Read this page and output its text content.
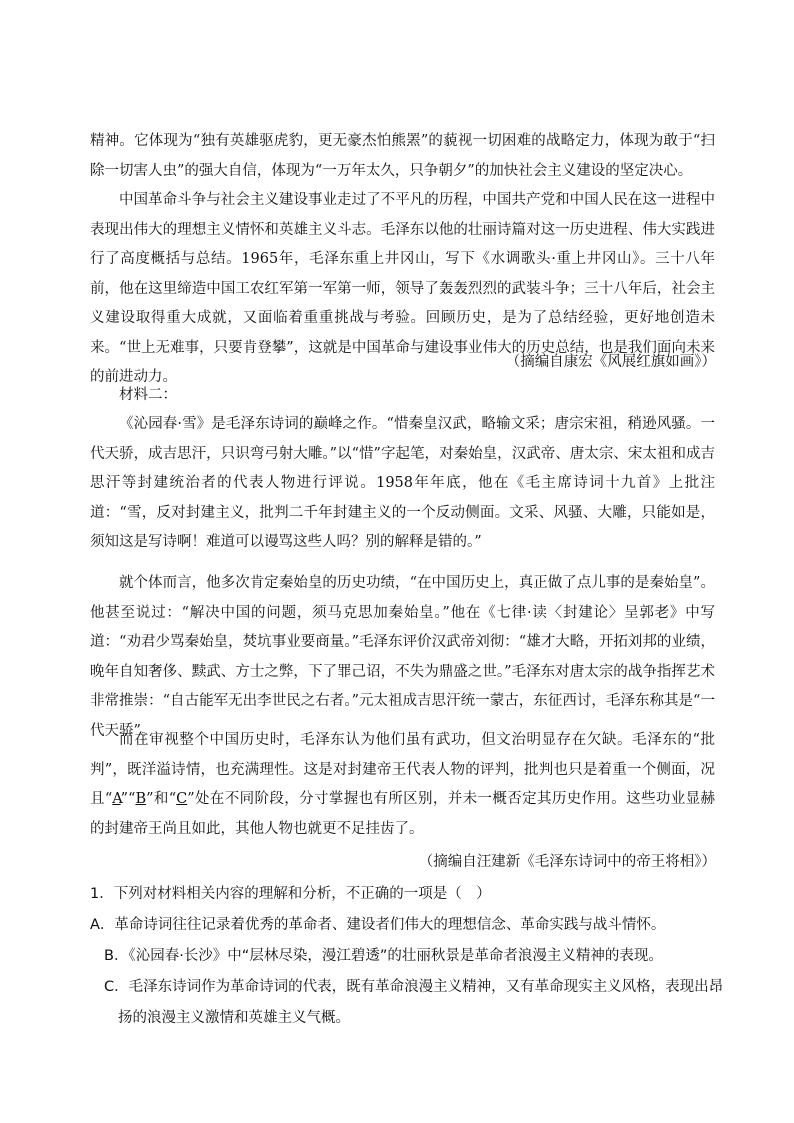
精神。它体现为“独有英雄驱虎豹，更无豪杰怕熊罴”的藐视一切困难的战略定力，体现为敢于“扫除一切害人虫”的强大自信，体现为“一万年太久，只争朝夕”的加快社会主义建设的坚定决心。

中国革命斗争与社会主义建设事业走过了不平凡的历程，中国共产党和中国人民在这一进程中表现出伟大的理想主义情怀和英雄主义斗志。毛泽东以他的壮丽诗篇对这一历史进程、伟大实践进行了高度概括与总结。1965年，毛泽东重上井冈山，写下《水调歌头·重上井冈山》。三十八年前，他在这里缔造中国工农红军第一军第一师，领导了轰轰烈烈的武装斗争；三十八年后，社会主义建设取得重大成就，又面临着重重挑战与考验。回顾历史，是为了总结经验，更好地创造未来。“世上无难事，只要肯登攀”，这就是中国革命与建设事业伟大的历史总结，也是我们面向未来的前进动力。

（摘编自康宏《风展红旗如画》）

材料二：

《沁园春·雪》是毛泽东诗词的巅峰之作。“惜秦皇汉武，略输文采；唐宗宋祖，稍逊风骚。一代天骄，成吉思汗，只识弯弓射大雕。”以“惜”字起笔，对秦始皇，汉武帝、唐太宗、宋太祖和成吉思汗等封建统治者的代表人物进行评说。1958年年底，他在《毛主席诗词十九首》上批注道：“雪，反对封建主义，批判二千年封建主义的一个反动侧面。文采、风骚、大雕，只能如是，须知这是写诗啊！难道可以谩骂这些人吗？别的解释是错的。”

就个体而言，他多次肯定秦始皇的历史功绩，“在中国历史上，真正做了点儿事的是秦始皇”。他甚至说过：“解决中国的问题，须马克思加秦始皇。”他在《七律·读〈封建论〉呈郭老》中写道：“劝君少骂秦始皇，焚坑事业要商量。”毛泽东评价汉武帝刘彻：“雄才大略，开拓刘邦的业绩，晚年自知奢侈、黩武、方士之弊，下了罪己诏，不失为鼎盛之世。”毛泽东对唐太宗的战争指挥艺术非常推崇：“自古能军无出李世民之右者。”元太祖成吉思汗统一蒙古，东征西讨，毛泽东称其是“一代天骄”。

而在审视整个中国历史时，毛泽东认为他们虽有武功，但文治明显存在欠缺。毛泽东的“批判”，既洋溢诗情，也充满理性。这是对封建帝王代表人物的评判，批判也只是着重一个侧面，况且“A”“B”和“C”处在不同阶段，分寸掌握也有所区别，并未一概否定其历史作用。这些功业显赫的封建帝王尚且如此，其他人物也就更不足挂齿了。

（摘编自汪建新《毛泽东诗词中的帝王将相》）

1．下列对材料相关内容的理解和分析，不正确的一项是（　）

A．革命诗词往往记录着优秀的革命者、建设者们伟大的理想信念、革命实践与战斗情怀。

B．《沁园春·长沙》中“层林尽染，漫江碧透”的壮丽秋景是革命者浪漫主义精神的表现。

C．毛泽东诗词作为革命诗词的代表，既有革命浪漫主义精神，又有革命现实主义风格，表现出昂扬的浪漫主义激情和英雄主义气概。
